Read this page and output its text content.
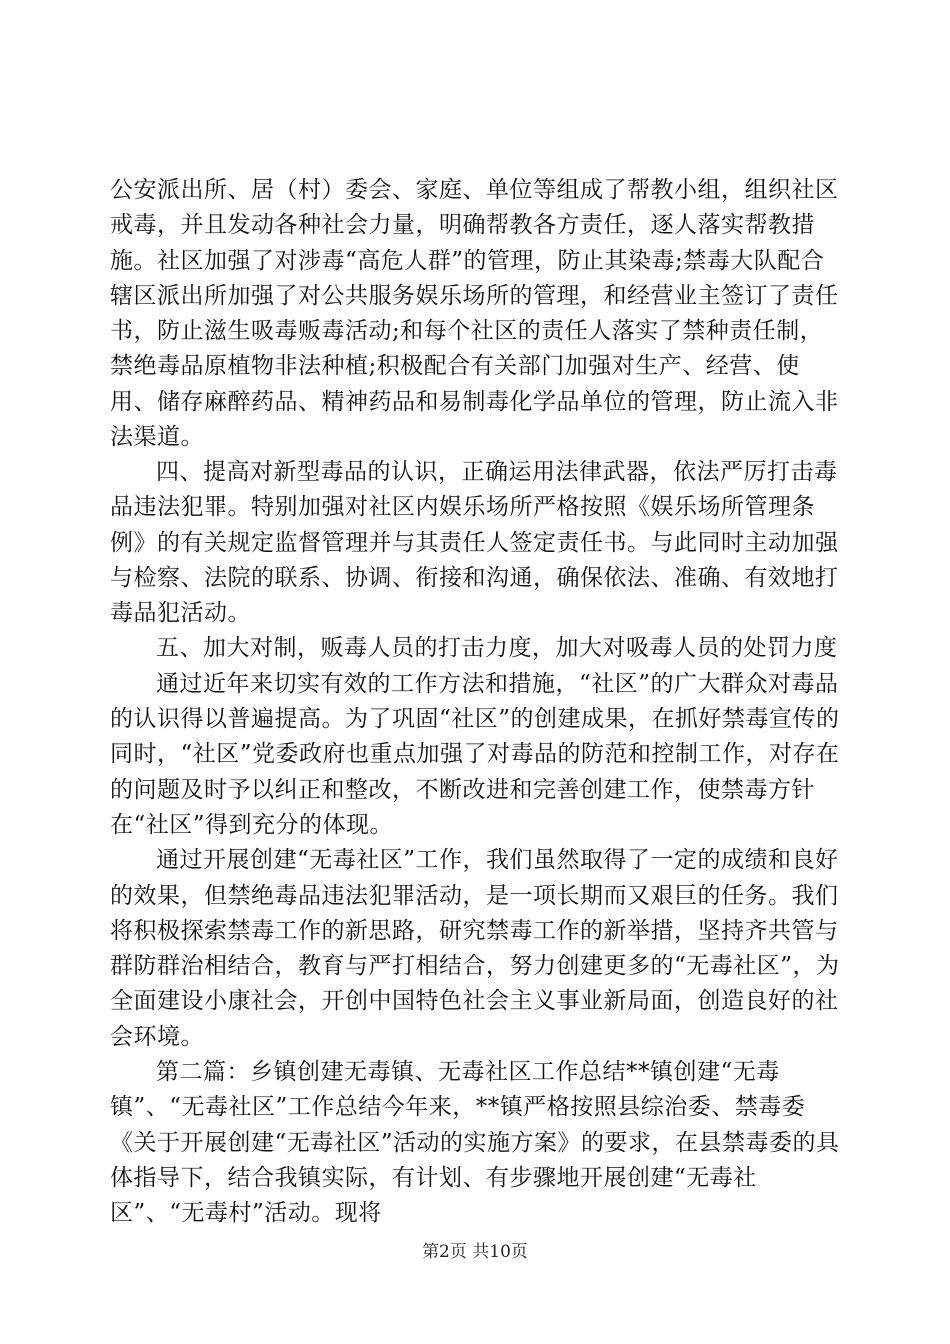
公安派出所、居（村）委会、家庭、单位等组成了帮教小组，组织社区戒毒，并且发动各种社会力量，明确帮教各方责任，逐人落实帮教措施。社区加强了对涉毒“高危人群”的管理，防止其染毒;禁毒大队配合辖区派出所加强了对公共服务娱乐场所的管理，和经营业主签订了责任书，防止滋生吸毒贩毒活动;和每个社区的责任人落实了禁种责任制，禁绝毒品原植物非法种植;积极配合有关部门加强对生产、经营、使用、储存麻醉药品、精神药品和易制毒化学品单位的管理，防止流入非法渠道。

四、提高对新型毒品的认识，正确运用法律武器，依法严厉打击毒品违法犯罪。特别加强对社区内娱乐场所严格按照《娱乐场所管理条例》的有关规定监督管理并与其责任人签定责任书。与此同时主动加强与检察、法院的联系、协调、衔接和沟通，确保依法、准确、有效地打毒品犯活动。

五、加大对制，贩毒人员的打击力度，加大对吸毒人员的处罚力度

通过近年来切实有效的工作方法和措施，“社区”的广大群众对毒品的认识得以普遍提高。为了巩固“社区”的创建成果，在抓好禁毒宣传的同时，“社区”党委政府也重点加强了对毒品的防范和控制工作，对存在的问题及时予以纠正和整改，不断改进和完善创建工作，使禁毒方针在“社区”得到充分的体现。

通过开展创建“无毒社区”工作，我们虽然取得了一定的成绩和良好的效果，但禁绝毒品违法犯罪活动，是一项长期而又艰巨的任务。我们将积极探索禁毒工作的新思路，研究禁毒工作的新举措，坚持齐共管与群防群治相结合，教育与严打相结合，努力创建更多的“无毒社区”，为全面建设小康社会，开创中国特色社会主义事业新局面，创造良好的社会环境。

第二篇：乡镇创建无毒镇、无毒社区工作总结**镇创建“无毒镇”、“无毒社区”工作总结今年来，**镇严格按照县综治委、禁毒委《关于开展创建“无毒社区”活动的实施方案》的要求，在县禁毒委的具体指导下，结合我镇实际，有计划、有步骤地开展创建“无毒社区”、“无毒村”活动。现将

第2页 共10页
